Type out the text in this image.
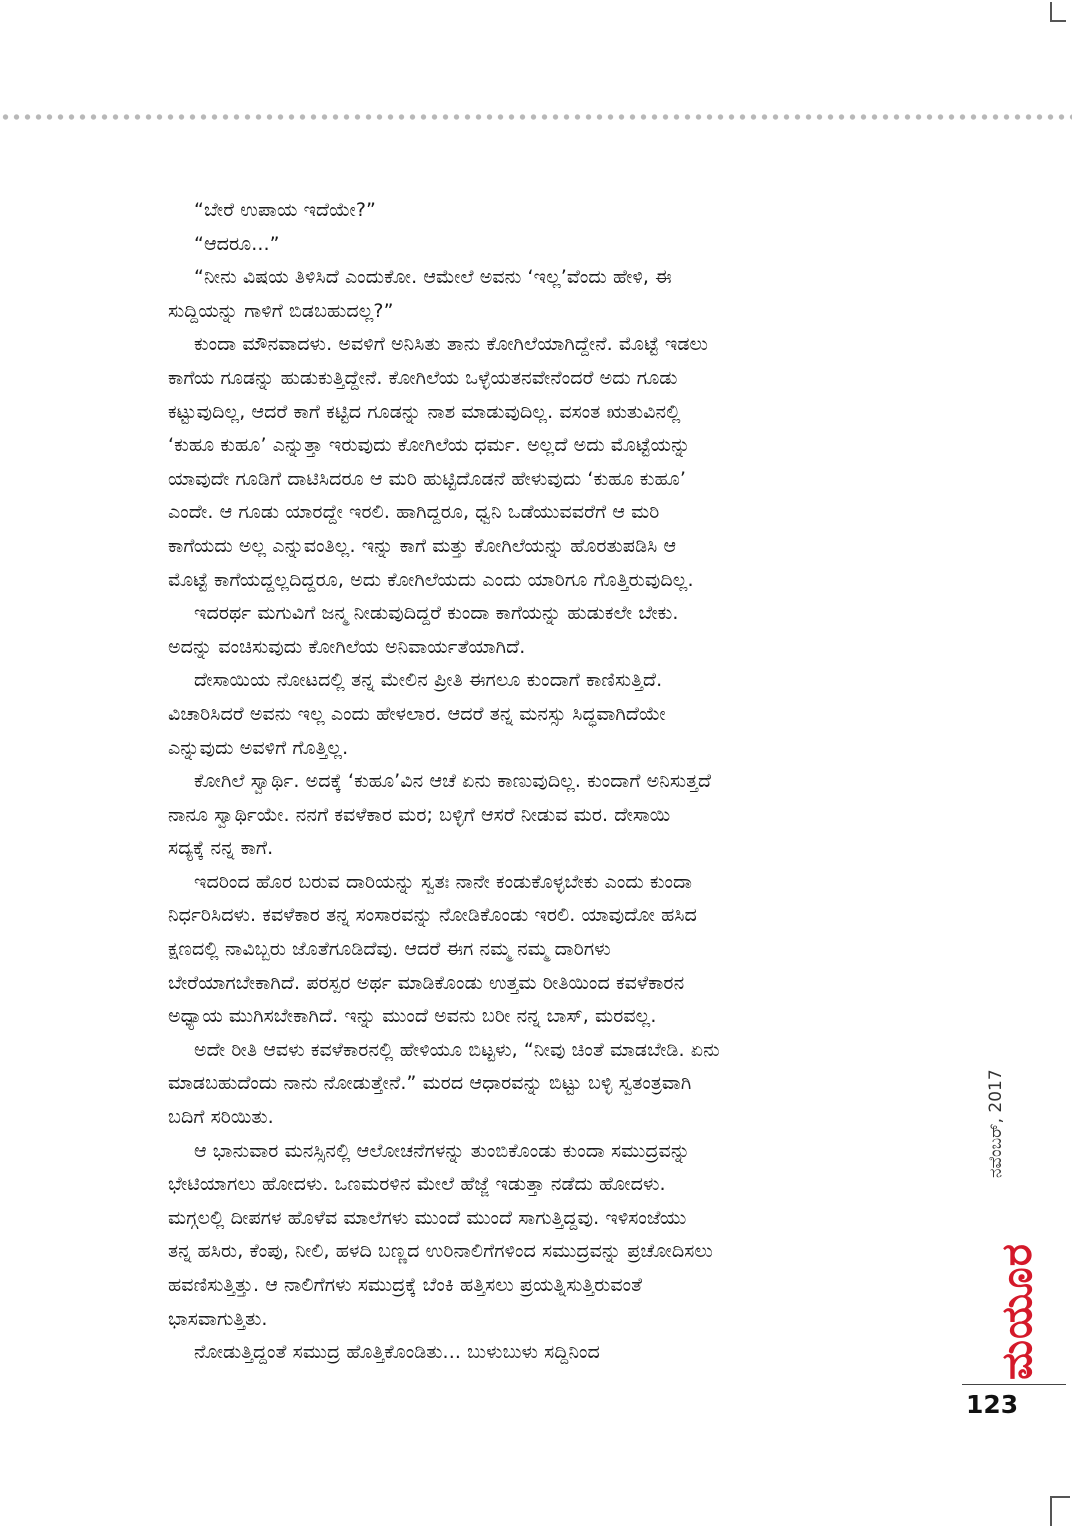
“ಬೇರೆ ಉಪಾಯ ಇದೆಯೇ?”
“ಆದರೂ...”
“ನೀನು ವಿಷಯ ತಿಳಿಸಿದೆ ಎಂದುಕೋ. ಆಮೇಲೆ ಅವನು ‘ಇಲ್ಲ’ವೆಂದು ಹೇಳಿ, ಈ
ಸುದ್ದಿಯನ್ನು ಗಾಳಿಗೆ ಬಿಡಬಹುದಲ್ಲ?”
ಕುಂದಾ ಮೌನವಾದಳು. ಅವಳಿಗೆ ಅನಿಸಿತು ತಾನು ಕೋಗಿಲೆಯಾಗಿದ್ದೇನೆ. ಮೊಟ್ಟೆ ಇಡಲು
ಕಾಗೆಯ ಗೂಡನ್ನು ಹುಡುಕುತ್ತಿದ್ದೇನೆ. ಕೋಗಿಲೆಯ ಒಳ್ಳೆಯತನವೇನೆಂದರೆ ಅದು ಗೂಡು
ಕಟ್ಟುವುದಿಲ್ಲ, ಆದರೆ ಕಾಗೆ ಕಟ್ಟಿದ ಗೂಡನ್ನು ನಾಶ ಮಾಡುವುದಿಲ್ಲ. ವಸಂತ ಋತುವಿನಲ್ಲಿ
‘ಕುಹೂ ಕುಹೂ’ ಎನ್ನುತ್ತಾ ಇರುವುದು ಕೋಗಿಲೆಯ ಧರ್ಮ. ಅಲ್ಲದೆ ಅದು ಮೊಟ್ಟೆಯನ್ನು
ಯಾವುದೇ ಗೂಡಿಗೆ ದಾಟಿಸಿದರೂ ಆ ಮರಿ ಹುಟ್ಟಿದೊಡನೆ ಹೇಳುವುದು ‘ಕುಹೂ ಕುಹೂ’
ಎಂದೇ. ಆ ಗೂಡು ಯಾರದ್ದೇ ಇರಲಿ. ಹಾಗಿದ್ದರೂ, ಧ್ವನಿ ಒಡೆಯುವವರೆಗೆ ಆ ಮರಿ
ಕಾಗೆಯದು ಅಲ್ಲ ಎನ್ನುವಂತಿಲ್ಲ. ಇನ್ನು ಕಾಗೆ ಮತ್ತು ಕೋಗಿಲೆಯನ್ನು ಹೊರತುಪಡಿಸಿ ಆ
ಮೊಟ್ಟೆ ಕಾಗೆಯದ್ದಲ್ಲದಿದ್ದರೂ, ಅದು ಕೋಗಿಲೆಯದು ಎಂದು ಯಾರಿಗೂ ಗೊತ್ತಿರುವುದಿಲ್ಲ.
ಇದರರ್ಥ ಮಗುವಿಗೆ ಜನ್ಮ ನೀಡುವುದಿದ್ದರೆ ಕುಂದಾ ಕಾಗೆಯನ್ನು ಹುಡುಕಲೇ ಬೇಕು.
ಅದನ್ನು ವಂಚಿಸುವುದು ಕೋಗಿಲೆಯ ಅನಿವಾರ್ಯತೆಯಾಗಿದೆ.
ದೇಸಾಯಿಯ ನೋಟದಲ್ಲಿ ತನ್ನ ಮೇಲಿನ ಪ್ರೀತಿ ಈಗಲೂ ಕುಂದಾಗೆ ಕಾಣಿಸುತ್ತಿದೆ.
ವಿಚಾರಿಸಿದರೆ ಅವನು ಇಲ್ಲ ಎಂದು ಹೇಳಲಾರ. ಆದರೆ ತನ್ನ ಮನಸ್ಸು ಸಿದ್ಧವಾಗಿದೆಯೇ
ಎನ್ನುವುದು ಅವಳಿಗೆ ಗೊತ್ತಿಲ್ಲ.
ಕೋಗಿಲೆ ಸ್ವಾರ್ಥಿ. ಅದಕ್ಕೆ ‘ಕುಹೂ’ವಿನ ಆಚೆ ಏನು ಕಾಣುವುದಿಲ್ಲ. ಕುಂದಾಗೆ ಅನಿಸುತ್ತದೆ
ನಾನೂ ಸ್ವಾರ್ಥಿಯೇ. ನನಗೆ ಕವಳೆಕಾರ ಮರ; ಬಳ್ಳಿಗೆ ಆಸರೆ ನೀಡುವ ಮರ. ದೇಸಾಯಿ
ಸದ್ಯಕ್ಕೆ ನನ್ನ ಕಾಗೆ.
ಇದರಿಂದ ಹೊರ ಬರುವ ದಾರಿಯನ್ನು ಸ್ವತಃ ನಾನೇ ಕಂಡುಕೊಳ್ಳಬೇಕು ಎಂದು ಕುಂದಾ
ನಿರ್ಧರಿಸಿದಳು. ಕವಳೆಕಾರ ತನ್ನ ಸಂಸಾರವನ್ನು ನೋಡಿಕೊಂಡು ಇರಲಿ. ಯಾವುದೋ ಹಸಿದ
ಕ್ಷಣದಲ್ಲಿ ನಾವಿಬ್ಬರು ಜೊತೆಗೂಡಿದೆವು. ಆದರೆ ಈಗ ನಮ್ಮ ನಮ್ಮ ದಾರಿಗಳು
ಬೇರೆಯಾಗಬೇಕಾಗಿದೆ. ಪರಸ್ಪರ ಅರ್ಥ ಮಾಡಿಕೊಂಡು ಉತ್ತಮ ರೀತಿಯಿಂದ ಕವಳೆಕಾರನ
ಅಧ್ಯಾಯ ಮುಗಿಸಬೇಕಾಗಿದೆ. ಇನ್ನು ಮುಂದೆ ಅವನು ಬರೀ ನನ್ನ ಬಾಸ್, ಮರವಲ್ಲ.
ಅದೇ ರೀತಿ ಆವಳು ಕವಳೆಕಾರನಲ್ಲಿ ಹೇಳಿಯೂ ಬಿಟ್ಟಳು, “ನೀವು ಚಿಂತೆ ಮಾಡಬೇಡಿ. ಏನು
ಮಾಡಬಹುದೆಂದು ನಾನು ನೋಡುತ್ತೇನೆ.” ಮರದ ಆಧಾರವನ್ನು ಬಿಟ್ಟು ಬಳ್ಳಿ ಸ್ವತಂತ್ರವಾಗಿ
ಬದಿಗೆ ಸರಿಯಿತು.
ಆ ಭಾನುವಾರ ಮನಸ್ಸಿನಲ್ಲಿ ಆಲೋಚನೆಗಳನ್ನು ತುಂಬಿಕೊಂಡು ಕುಂದಾ ಸಮುದ್ರವನ್ನು
ಭೇಟಿಯಾಗಲು ಹೋದಳು. ಒಣಮರಳಿನ ಮೇಲೆ ಹೆಜ್ಜೆ ಇಡುತ್ತಾ ನಡೆದು ಹೋದಳು.
ಮಗ್ಗಲಲ್ಲಿ ದೀಪಗಳ ಹೊಳೆವ ಮಾಲೆಗಳು ಮುಂದೆ ಮುಂದೆ ಸಾಗುತ್ತಿದ್ದವು. ಇಳಿಸಂಜೆಯು
ತನ್ನ ಹಸಿರು, ಕೆಂಪು, ನೀಲಿ, ಹಳದಿ ಬಣ್ಣದ ಉರಿನಾಲಿಗೆಗಳಿಂದ ಸಮುದ್ರವನ್ನು ಪ್ರಚೋದಿಸಲು
ಹವಣಿಸುತ್ತಿತ್ತು. ಆ ನಾಲಿಗೆಗಳು ಸಮುದ್ರಕ್ಕೆ ಬೆಂಕಿ ಹತ್ತಿಸಲು ಪ್ರಯತ್ನಿಸುತ್ತಿರುವಂತೆ
ಭಾಸವಾಗುತ್ತಿತು.
ನೋಡುತ್ತಿದ್ದಂತೆ ಸಮುದ್ರ ಹೊತ್ತಿಕೊಂಡಿತು... ಬುಳುಬುಳು ಸದ್ದಿನಿಂದ
ನವೆಂಬರ್, 2017
ಮಯೂರ
123
